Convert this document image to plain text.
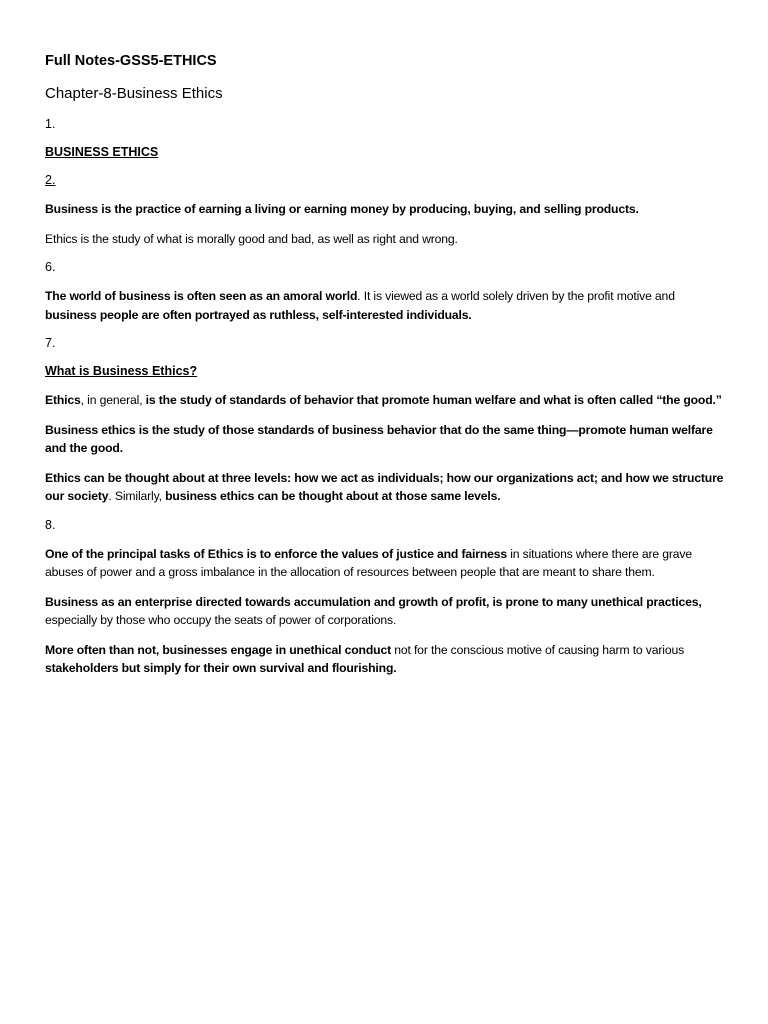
Full Notes-GSS5-ETHICS
Chapter-8-Business Ethics
1.
BUSINESS ETHICS
2.

Business is the practice of earning a living or earning money by producing, buying, and selling products.

Ethics is the study of what is morally good and bad, as well as right and wrong.

6.

The world of business is often seen as an amoral world. It is viewed as a world solely driven by the profit motive and business people are often portrayed as ruthless, self-interested individuals.

7.
What is Business Ethics?

Ethics, in general, is the study of standards of behavior that promote human welfare and what is often called “the good.”

Business ethics is the study of those standards of business behavior that do the same thing—promote human welfare and the good.

Ethics can be thought about at three levels: how we act as individuals; how our organizations act; and how we structure our society. Similarly, business ethics can be thought about at those same levels.

8.

One of the principal tasks of Ethics is to enforce the values of justice and fairness in situations where there are grave abuses of power and a gross imbalance in the allocation of resources between people that are meant to share them.

Business as an enterprise directed towards accumulation and growth of profit, is prone to many unethical practices, especially by those who occupy the seats of power of corporations.

More often than not, businesses engage in unethical conduct not for the conscious motive of causing harm to various stakeholders but simply for their own survival and flourishing.
